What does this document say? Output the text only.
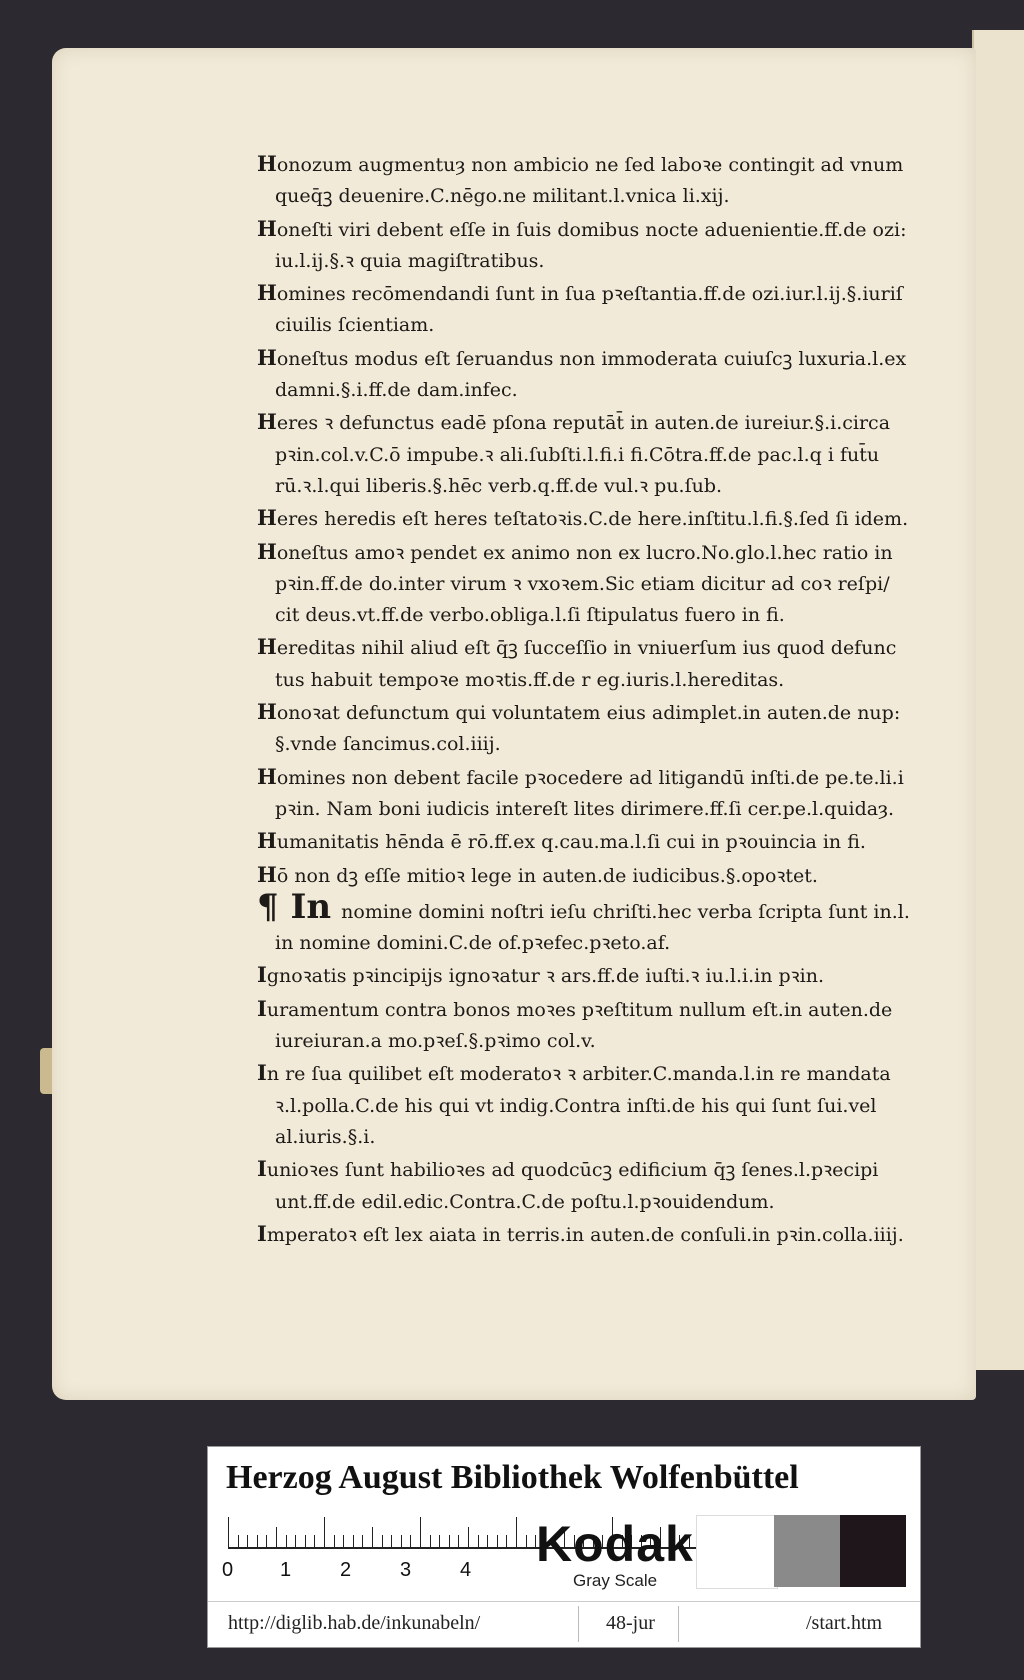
Honozum augmentuȝ non ambicio ne ſed laboꝛe contingit ad vnum
queq̄ꝫ deuenire.C.nēgo.ne militant.l.vnica li.xij.
Honeſti viri debent eſſe in ſuis domibus nocte aduenientie.ff.de ozi:
iu.l.ij.§.ꝛ quia magiſtratibus.
Homines recōmendandi ſunt in ſua pꝛeſtantia.ff.de ozi.iur.l.ij.§.iuriſ
ciuilis ſcientiam.
Honeſtus modus eſt ſeruandus non immoderata cuiuſcꝫ luxuria.l.ex
damni.§.i.ff.de dam.infec.
Heres ꝛ defunctus eadē pſona reputāt̄ in auten.de iureiur.§.i.circa
pꝛin.col.v.C.ō impube.ꝛ ali.ſubſti.l.fi.i fi.Cōtra.ff.de pac.l.q i fut̄u
rū.ꝛ.l.qui liberis.§.hēc verb.q.ff.de vul.ꝛ pu.ſub.
Heres heredis eſt heres teſtatoꝛis.C.de here.inſtitu.l.fi.§.ſed ſi idem.
Honeſtus amoꝛ pendet ex animo non ex lucro.No.glo.l.hec ratio in
pꝛin.ff.de do.inter virum ꝛ vxoꝛem.Sic etiam dicitur ad coꝛ reſpi/
cit deus.vt.ff.de verbo.obliga.l.ſi ſtipulatus fuero in fi.
Hereditas nihil aliud eſt q̄ꝫ ſucceſſio in vniuerſum ius quod defunc
tus habuit tempoꝛe moꝛtis.ff.de r eg.iuris.l.hereditas.
Honoꝛat defunctum qui voluntatem eius adimplet.in auten.de nup:
§.vnde ſancimus.col.iiij.
Homines non debent facile pꝛocedere ad litigandū inſti.de pe.te.li.i
pꝛin. Nam boni iudicis intereſt lites dirimere.ff.ſi cer.pe.l.quidaȝ.
Humanitatis hēnda ē rō.ff.ex q.cau.ma.l.ſi cui in pꝛouincia in fi.
Hō non dꝫ eſſe mitioꝛ lege in auten.de iudicibus.§.opoꝛtet.
¶ In nomine domini noſtri ieſu chriſti.hec verba ſcripta ſunt in.l.
in nomine domini.C.de of.pꝛefec.pꝛeto.af.
Ignoꝛatis pꝛincipijs ignoꝛatur ꝛ ars.ff.de iuſti.ꝛ iu.l.i.in pꝛin.
Iuramentum contra bonos moꝛes pꝛeſtitum nullum eſt.in auten.de
iureiuran.a mo.pꝛeſ.§.pꝛimo col.v.
In re ſua quilibet eſt moderatoꝛ ꝛ arbiter.C.manda.l.in re mandata
ꝛ.l.polla.C.de his qui vt indig.Contra inſti.de his qui ſunt ſui.vel
al.iuris.§.i.
Iunioꝛes ſunt habilioꝛes ad quodcūcꝫ edificium q̄ꝫ ſenes.l.pꝛecipi
unt.ff.de edil.edic.Contra.C.de poſtu.l.pꝛouidendum.
Imperatoꝛ eſt lex aiata in terris.in auten.de conſuli.in pꝛin.colla.iiij.
Herzog August Bibliothek Wolfenbüttel
0 1 2 3 4 Kodak
Gray Scale
http://diglib.hab.de/inkunabeln/	48-jur	/start.htm
